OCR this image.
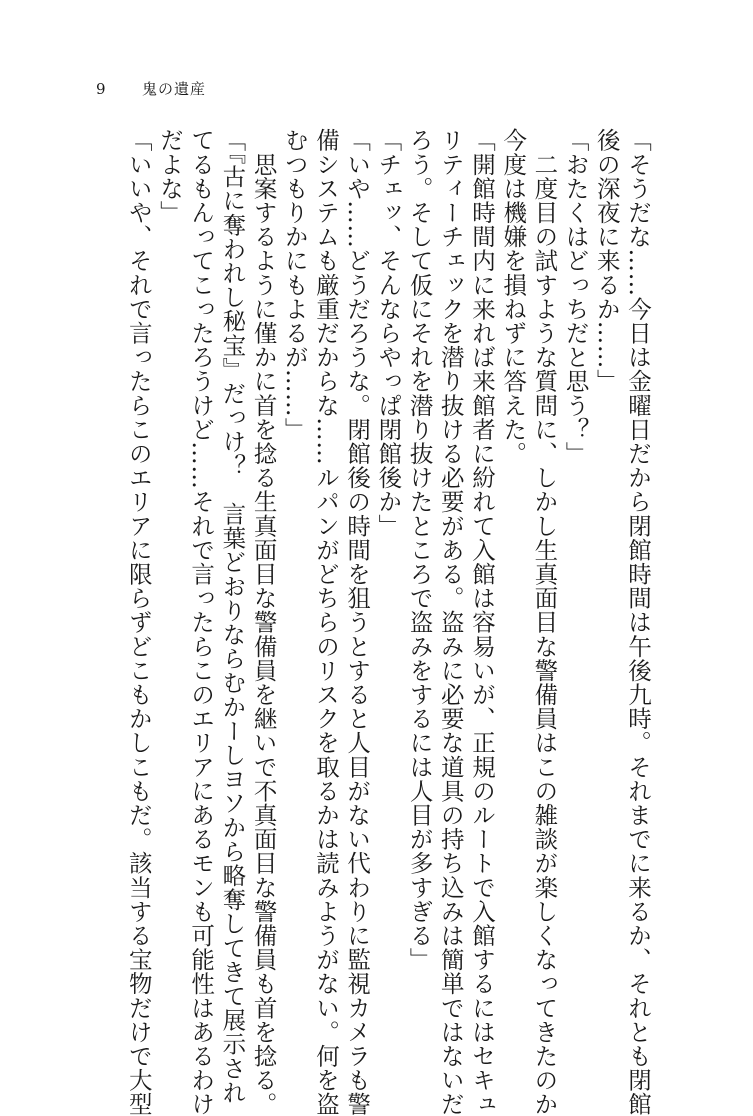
9	鬼の遺産
「そうだな……今日は金曜日だから閉館時間は午後九時。それまでに来るか、それとも閉館
後の深夜に来るか……」
「おたくはどっちだと思う？」
　二度目の試すような質問に、しかし生真面目な警備員はこの雑談が楽しくなってきたのか
今度は機嫌を損ねずに答えた。
「開館時間内に来れば来館者に紛れて入館は容易いが、正規のルートで入館するにはセキュ
リティーチェックを潜り抜ける必要がある。盗みに必要な道具の持ち込みは簡単ではないだ
ろう。そして仮にそれを潜り抜けたところで盗みをするには人目が多すぎる」
「チェッ、そんならやっぱ閉館後か」
「いや……どうだろうな。閉館後の時間を狙うとすると人目がない代わりに監視カメラも警
備システムも厳重だからな……ルパンがどちらのリスクを取るかは読みようがない。何を盗
むつもりかにもよるが……」
　思案するように僅かに首を捻る生真面目な警備員を継いで不真面目な警備員も首を捻る。
「『古に奪われし秘宝』だっけ？　言葉どおりならむかーしヨソから略奪してきて展示され
てるもんってこったろうけど……それで言ったらこのエリアにあるモンも可能性はあるわけ
だよな」
「いいや、それで言ったらこのエリアに限らずどこもかしこもだ。該当する宝物だけで大型
